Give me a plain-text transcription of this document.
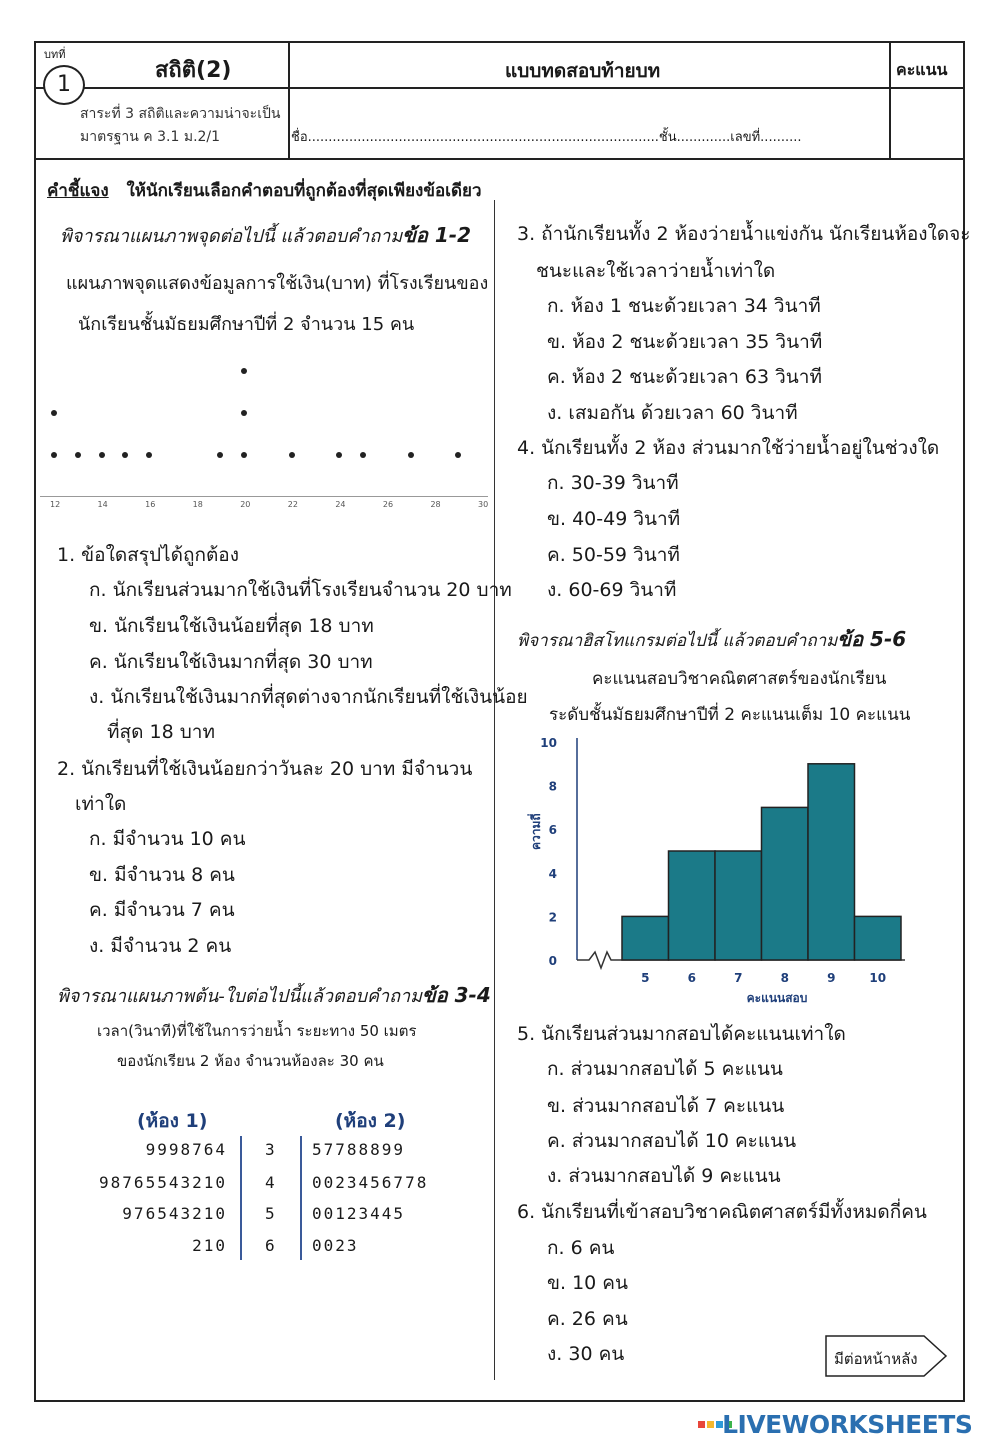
บทที่
1
สถิติ(2)	แบบทดสอบท้ายบท	คะแนน
สาระที่ 3 สถิติและความน่าจะเป็น
มาตรฐาน ค 3.1 ม.2/1	ชื่อ.....................................................................................ชั้น.............เลขที่..........
คำชี้แจง ให้นักเรียนเลือกคำตอบที่ถูกต้องที่สุดเพียงข้อเดียว
พิจารณาแผนภาพจุดต่อไปนี้ แล้วตอบคำถามข้อ 1-2
แผนภาพจุดแสดงข้อมูลการใช้เงิน(บาท) ที่โรงเรียนของ
นักเรียนชั้นมัธยมศึกษาปีที่ 2 จำนวน 15 คน
12	14	16	18	20	22	24	26	28	30
1. ข้อใดสรุปได้ถูกต้อง
ก. นักเรียนส่วนมากใช้เงินที่โรงเรียนจำนวน 20 บาท
ข. นักเรียนใช้เงินน้อยที่สุด 18 บาท
ค. นักเรียนใช้เงินมากที่สุด 30 บาท
ง. นักเรียนใช้เงินมากที่สุดต่างจากนักเรียนที่ใช้เงินน้อย
ที่สุด 18 บาท
2. นักเรียนที่ใช้เงินน้อยกว่าวันละ 20 บาท มีจำนวน
เท่าใด
ก. มีจำนวน 10 คน
ข. มีจำนวน 8 คน
ค. มีจำนวน 7 คน
ง. มีจำนวน 2 คน
พิจารณาแผนภาพต้น-ใบต่อไปนี้แล้วตอบคำถามข้อ 3-4
เวลา(วินาที)ที่ใช้ในการว่ายน้ำ ระยะทาง 50 เมตร
ของนักเรียน 2 ห้อง จำนวนห้องละ 30 คน
(ห้อง 1)	(ห้อง 2)
9998764 3 57788899
98765543210 4 0023456778
976543210 5 00123445
210 6 0023
3. ถ้านักเรียนทั้ง 2 ห้องว่ายน้ำแข่งกัน นักเรียนห้องใดจะ
ชนะและใช้เวลาว่ายน้ำเท่าใด
ก. ห้อง 1 ชนะด้วยเวลา 34 วินาที
ข. ห้อง 2 ชนะด้วยเวลา 35 วินาที
ค. ห้อง 2 ชนะด้วยเวลา 63 วินาที
ง. เสมอกัน ด้วยเวลา 60 วินาที
4. นักเรียนทั้ง 2 ห้อง ส่วนมากใช้ว่ายน้ำอยู่ในช่วงใด
ก. 30-39 วินาที
ข. 40-49 วินาที
ค. 50-59 วินาที
ง. 60-69 วินาที
พิจารณาฮิสโทแกรมต่อไปนี้ แล้วตอบคำถามข้อ 5-6
คะแนนสอบวิชาคณิตศาสตร์ของนักเรียน
ระดับชั้นมัธยมศึกษาปีที่ 2 คะแนนเต็ม 10 คะแนน
ความถี่
คะแนนสอบ
0
2
4
6
8
10
5	6	7	8	9	10
5. นักเรียนส่วนมากสอบได้คะแนนเท่าใด
ก. ส่วนมากสอบได้ 5 คะแนน
ข. ส่วนมากสอบได้ 7 คะแนน
ค. ส่วนมากสอบได้ 10 คะแนน
ง. ส่วนมากสอบได้ 9 คะแนน
6. นักเรียนที่เข้าสอบวิชาคณิตศาสตร์มีทั้งหมดกี่คน
ก. 6 คน
ข. 10 คน
ค. 26 คน
ง. 30 คน	มีต่อหน้าหลัง
LIVEWORKSHEETS
